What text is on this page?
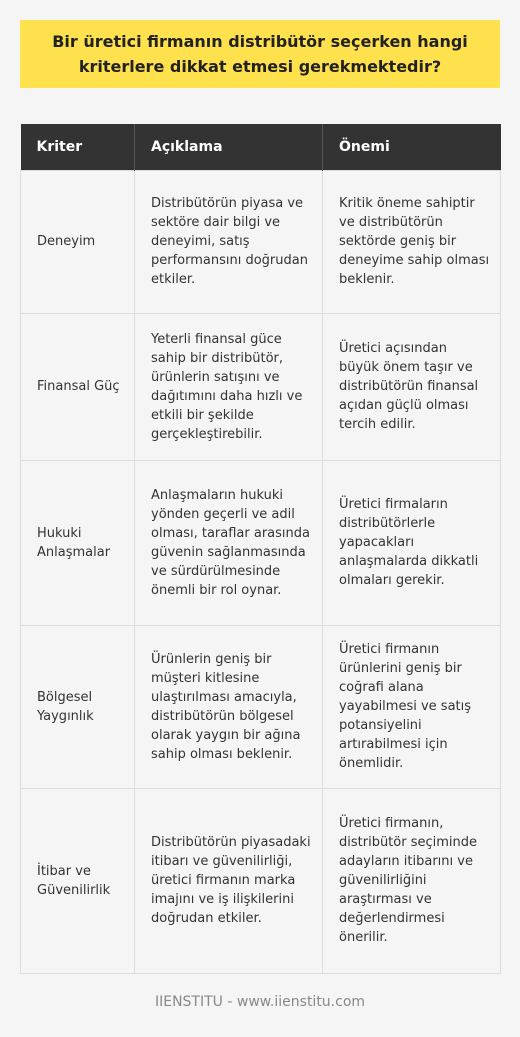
Bir üretici firmanın distribütör seçerken hangi kriterlere dikkat etmesi gerekmektedir?
Kriter	Açıklama	Önemi
Deneyim	Distribütörün piyasa ve sektöre dair bilgi ve deneyimi, satış performansını doğrudan etkiler.	Kritik öneme sahiptir ve distribütörün sektörde geniş bir deneyime sahip olması beklenir.
Finansal Güç	Yeterli finansal güce sahip bir distribütör, ürünlerin satışını ve dağıtımını daha hızlı ve etkili bir şekilde gerçekleştirebilir.	Üretici açısından büyük önem taşır ve distribütörün finansal açıdan güçlü olması tercih edilir.
Hukuki Anlaşmalar	Anlaşmaların hukuki yönden geçerli ve adil olması, taraflar arasında güvenin sağlanmasında ve sürdürülmesinde önemli bir rol oynar.	Üretici firmaların distribütörlerle yapacakları anlaşmalarda dikkatli olmaları gerekir.
Bölgesel Yaygınlık	Ürünlerin geniş bir müşteri kitlesine ulaştırılması amacıyla, distribütörün bölgesel olarak yaygın bir ağına sahip olması beklenir.	Üretici firmanın ürünlerini geniş bir coğrafi alana yayabilmesi ve satış potansiyelini artırabilmesi için önemlidir.
İtibar ve Güvenilirlik	Distribütörün piyasadaki itibarı ve güvenilirliği, üretici firmanın marka imajını ve iş ilişkilerini doğrudan etkiler.	Üretici firmanın, distribütör seçiminde adayların itibarını ve güvenilirliğini araştırması ve değerlendirmesi önerilir.
IIENSTITU - www.iienstitu.com
